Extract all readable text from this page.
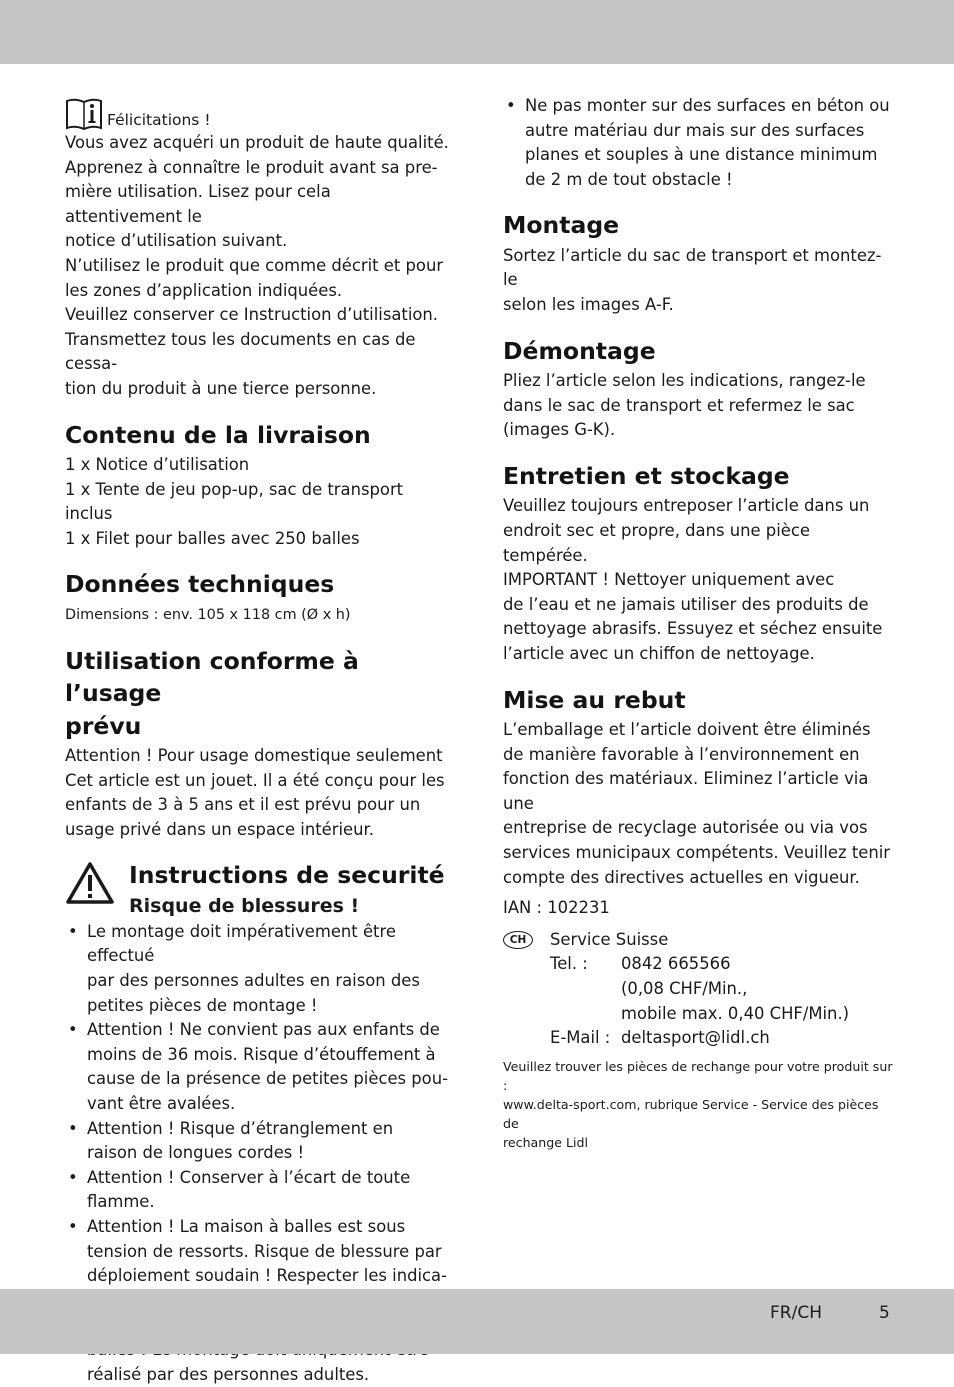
Félicitations !
Vous avez acquéri un produit de haute qualité.
Apprenez à connaître le produit avant sa pre-
mière utilisation. Lisez pour cela attentivement le
notice d’utilisation suivant.
N’utilisez le produit que comme décrit et pour
les zones d’application indiquées.
Veuillez conserver ce Instruction d’utilisation.
Transmettez tous les documents en cas de cessa-
tion du produit à une tierce personne.
Contenu de la livraison
1 x Notice d’utilisation
1 x Tente de jeu pop-up, sac de transport inclus
1 x Filet pour balles avec 250 balles
Données techniques
Dimensions : env. 105 x 118 cm (Ø x h)
Utilisation conforme à l’usage
prévu
Attention ! Pour usage domestique seulement
Cet article est un jouet. Il a été conçu pour les
enfants de 3 à 5 ans et il est prévu pour un
usage privé dans un espace intérieur.
Instructions de securité
Risque de blessures !
• Le montage doit impérativement être effectué
par des personnes adultes en raison des
petites pièces de montage !
• Attention ! Ne convient pas aux enfants de
moins de 36 mois. Risque d’étouffement à
cause de la présence de petites pièces pou-
vant être avalées.
• Attention ! Risque d’étranglement en
raison de longues cordes !
• Attention ! Conserver à l’écart de toute
flamme.
• Attention ! La maison à balles est sous
tension de ressorts. Risque de blessure par
déploiement soudain ! Respecter les indica-
réalisé par des personnes adultes.
• Ne pas monter sur des surfaces en béton ou
autre matériau dur mais sur des surfaces
planes et souples à une distance minimum
de 2 m de tout obstacle !
Montage
Sortez l’article du sac de transport et montez-le
selon les images A-F.
Démontage
Pliez l’article selon les indications, rangez-le
dans le sac de transport et refermez le sac
(images G-K).
Entretien et stockage
Veuillez toujours entreposer l’article dans un
endroit sec et propre, dans une pièce tempérée.
IMPORTANT ! Nettoyer uniquement avec
de l’eau et ne jamais utiliser des produits de
nettoyage abrasifs. Essuyez et séchez ensuite
l’article avec un chiffon de nettoyage.
Mise au rebut
L’emballage et l’article doivent être éliminés
de manière favorable à l’environnement en
fonction des matériaux. Eliminez l’article via une
entreprise de recyclage autorisée ou via vos
services municipaux compétents. Veuillez tenir
compte des directives actuelles en vigueur.
IAN : 102231
CH	Service Suisse
Tel. :	0842 665566
(0,08 CHF/Min.,
mobile max. 0,40 CHF/Min.)
E-Mail : deltasport@lidl.ch
Veuillez trouver les pièces de rechange pour votre produit sur :
www.delta-sport.com, rubrique Service - Service des pièces de
rechange Lidl
FR/CH	5
